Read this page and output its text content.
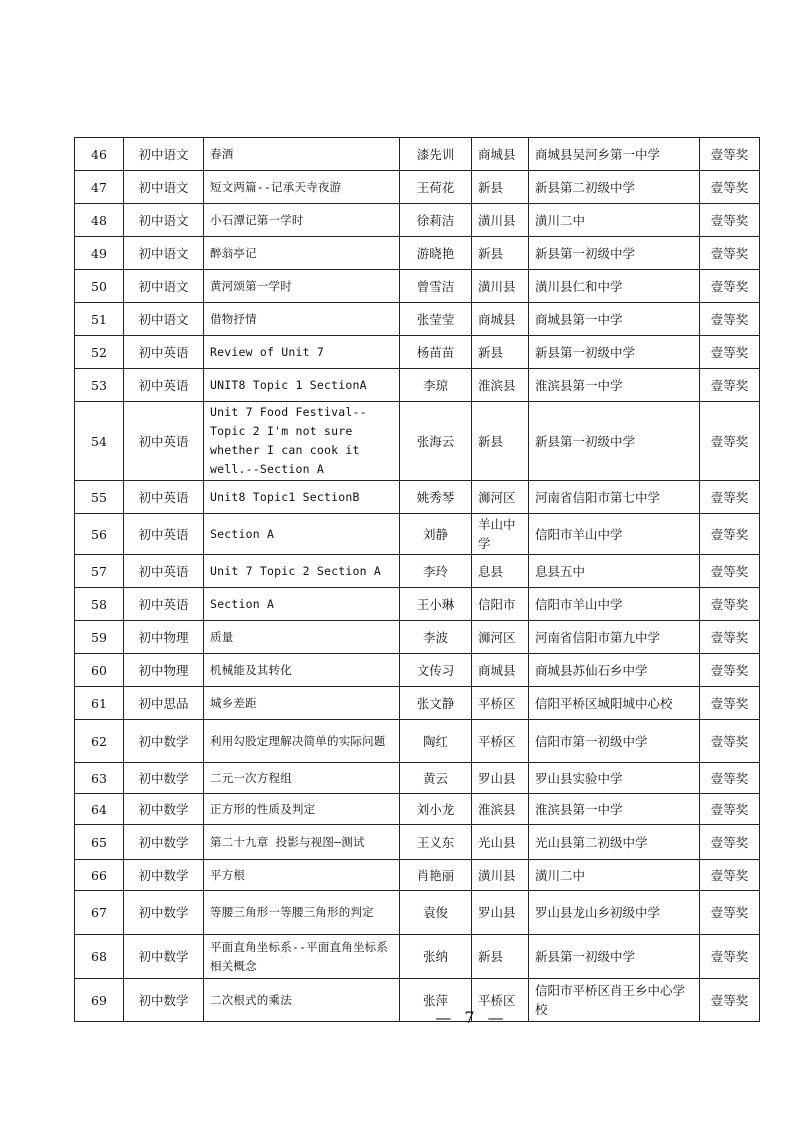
46	初中语文	春酒	漆先训	商城县	商城县吴河乡第一中学	壹等奖
47	初中语文	短文两篇--记承天寺夜游	王荷花	新县	新县第二初级中学	壹等奖
48	初中语文	小石潭记第一学时	徐莉洁	潢川县	潢川二中	壹等奖
49	初中语文	醉翁亭记	游晓艳	新县	新县第一初级中学	壹等奖
50	初中语文	黄河颂第一学时	曾雪洁	潢川县	潢川县仁和中学	壹等奖
51	初中语文	借物抒情	张莹莹	商城县	商城县第一中学	壹等奖
52	初中英语	Review of Unit 7	杨苗苗	新县	新县第一初级中学	壹等奖
53	初中英语	UNIT8 Topic 1 SectionA	李琼	淮滨县	淮滨县第一中学	壹等奖
54	初中英语	Unit 7 Food Festival--Topic 2 I'm not sure whether I can cook it well.--Section A	张海云	新县	新县第一初级中学	壹等奖
55	初中英语	Unit8 Topic1 SectionB	姚秀琴	浉河区	河南省信阳市第七中学	壹等奖
56	初中英语	Section A	刘静	羊山中学	信阳市羊山中学	壹等奖
57	初中英语	Unit 7 Topic 2 Section A	李玲	息县	息县五中	壹等奖
58	初中英语	Section A	王小琳	信阳市	信阳市羊山中学	壹等奖
59	初中物理	质量	李波	浉河区	河南省信阳市第九中学	壹等奖
60	初中物理	机械能及其转化	文传习	商城县	商城县苏仙石乡中学	壹等奖
61	初中思品	城乡差距	张文静	平桥区	信阳平桥区城阳城中心校	壹等奖
62	初中数学	利用勾股定理解决简单的实际问题	陶红	平桥区	信阳市第一初级中学	壹等奖
63	初中数学	二元一次方程组	黄云	罗山县	罗山县实验中学	壹等奖
64	初中数学	正方形的性质及判定	刘小龙	淮滨县	淮滨县第一中学	壹等奖
65	初中数学	第二十九章 投影与视图—测试	王义东	光山县	光山县第二初级中学	壹等奖
66	初中数学	平方根	肖艳丽	潢川县	潢川二中	壹等奖
67	初中数学	等腰三角形一等腰三角形的判定	袁俊	罗山县	罗山县龙山乡初级中学	壹等奖
68	初中数学	平面直角坐标系--平面直角坐标系相关概念	张纳	新县	新县第一初级中学	壹等奖
69	初中数学	二次根式的乘法	张萍	平桥区	信阳市平桥区肖王乡中心学校	壹等奖
— 7 —
